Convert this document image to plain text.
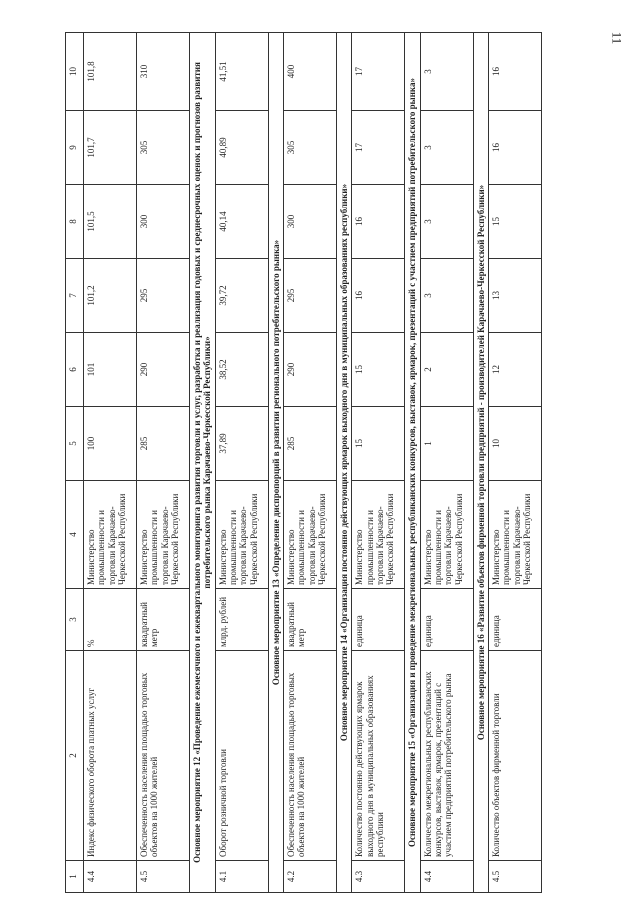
11
1	2	3	4	5	6	7	8	9	10
4.4	Индекс физического оборота платных услуг	%	Министерство промышленности и торговли Карачаево-Черкесской Республики	100	101	101,2	101,5	101,7	101,8
4.5	Обеспеченность населения площадью торговых объектов на 1000 жителей	квадратный метр	Министерство промышленности и торговли Карачаево-Черкесской Республики	285	290	295	300	305	310
Основное мероприятие 12 «Проведение ежемесячного и ежеквартального мониторинга развития торговли и услуг, разработка и реализация годовых и среднесрочных оценок и прогнозов развития потребительского рынка Карачаево-Черкесской Республики»									
4.1	Оборот розничной торговли	млрд. рублей	Министерство промышленности и торговли Карачаево-Черкесской Республики	37,89	38,52	39,72	40,14	40,89	41,51
Основное мероприятие 13 «Определение диспропорций в развитии регионального потребительского рынка»									
4.2	Обеспеченность населения площадью торговых объектов на 1000 жителей	квадратный метр	Министерство промышленности и торговли Карачаево-Черкесской Республики	285	290	295	300	305	400
Основное мероприятие 14 «Организация постоянно действующих ярмарок выходного дня в муниципальных образованиях республики»									
4.3	Количество постоянно действующих ярмарок выходного дня в муниципальных образованиях республики	единица	Министерство промышленности и торговли Карачаево-Черкесской Республики	15	15	16	16	17	17
Основное мероприятие 15 «Организация и проведение межрегиональных республиканских конкурсов, выставок, ярмарок, презентаций с участием предприятий потребительского рынка»									
4.4	Количество межрегиональных республиканских конкурсов, выставок, ярмарок, презентаций с участием предприятий потребительского рынка	единица	Министерство промышленности и торговли Карачаево-Черкесской Республики	1	2	3	3	3	3
Основное мероприятие 16 «Развитие объектов фирменной торговли предприятий - производителей Карачаево-Черкесской Республики»									
4.5	Количество объектов фирменной торговли	единица	Министерство промышленности и торговли Карачаево-Черкесской Республики	10	12	13	15	16	16
